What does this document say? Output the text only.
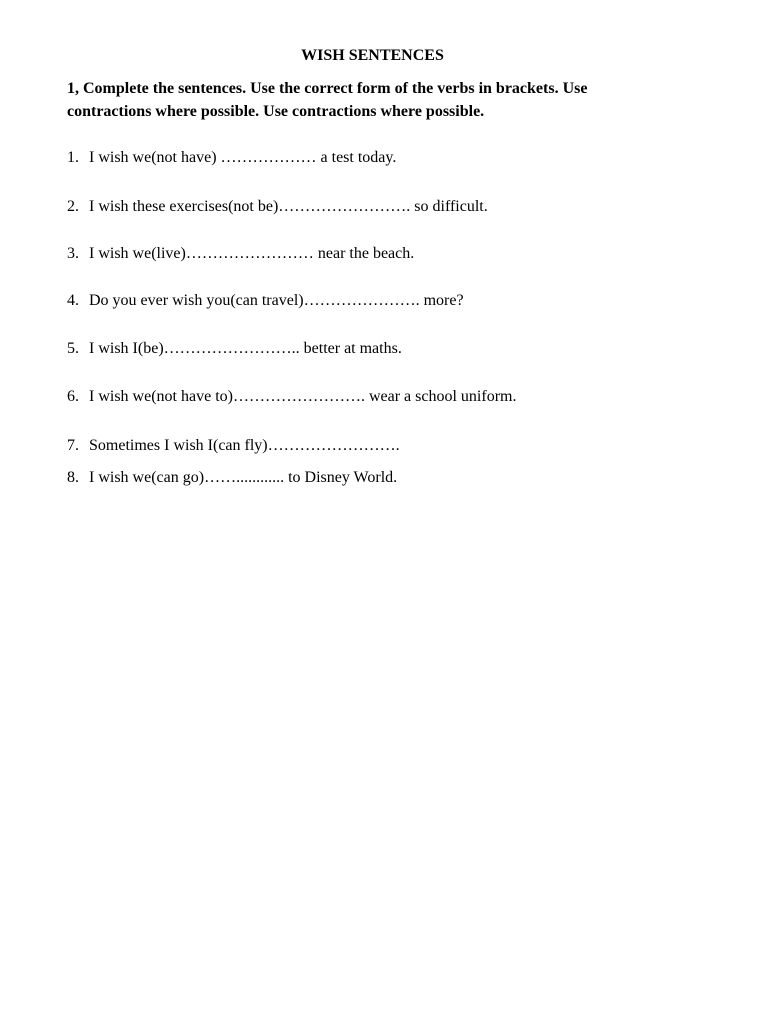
WISH SENTENCES
1, Complete the sentences. Use the correct form of the verbs in brackets. Use contractions where possible. Use contractions where possible.
1. I wish we(not have) ……………… a test today.
2. I wish these exercises(not be)……………………. so difficult.
3. I wish we(live)…………………… near the beach.
4. Do you ever wish you(can travel)…………………. more?
5. I wish I(be)…………………….. better at maths.
6. I wish we(not have to)……………………. wear a school uniform.
7. Sometimes I wish I(can fly)…………………….
8. I wish we(can go)……............ to Disney World.
